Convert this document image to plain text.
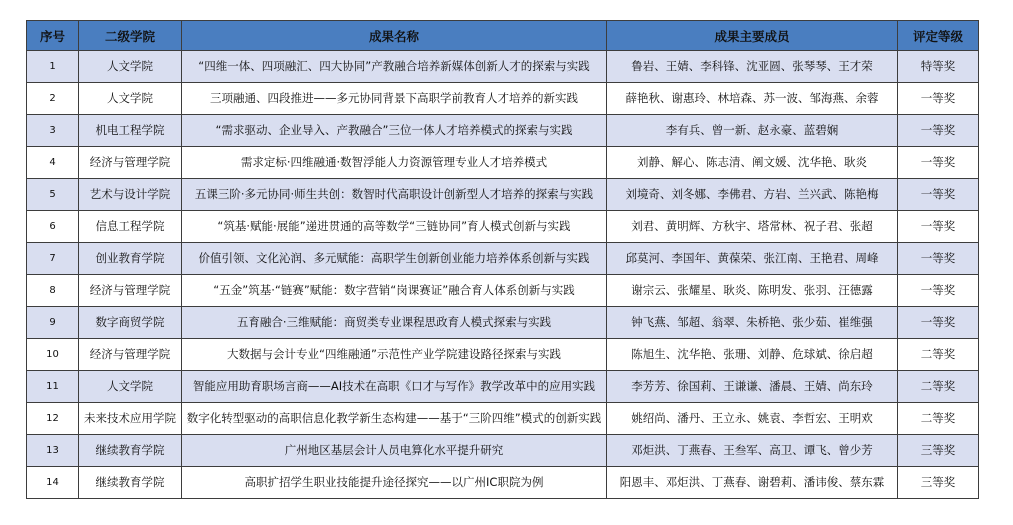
序号	二级学院	成果名称	成果主要成员	评定等级
1	人文学院	“四维一体、四项融汇、四大协同”产教融合培养新媒体创新人才的探索与实践	鲁岩、王婧、李科锋、沈亚圆、张琴琴、王才荣	特等奖
2	人文学院	三项融通、四段推进——多元协同背景下高职学前教育人才培养的新实践	薛艳秋、谢惠玲、林培森、苏一波、邹海燕、余蓉	一等奖
3	机电工程学院	“需求驱动、企业导入、产教融合”三位一体人才培养模式的探索与实践	李有兵、曾一新、赵永豪、蓝碧娴	一等奖
4	经济与管理学院	需求定标·四维融通·数智浮能人力资源管理专业人才培养模式	刘静、解心、陈志清、阐文媛、沈华艳、耿炎	一等奖
5	艺术与设计学院	五课三阶·多元协同·师生共创：数智时代高职设计创新型人才培养的探索与实践	刘境奇、刘冬娜、李佛君、方岩、兰兴武、陈艳梅	一等奖
6	信息工程学院	“筑基·赋能·展能”递进贯通的高等数学“三链协同”育人模式创新与实践	刘君、黄明辉、方秋宇、塔常林、祝子君、张超	一等奖
7	创业教育学院	价值引领、文化沁润、多元赋能：高职学生创新创业能力培养体系创新与实践	邱莫河、李国年、黄葆荣、张江南、王艳君、周峰	一等奖
8	经济与管理学院	“五金”筑基·“链赛”赋能：数字营销“岗课赛证”融合育人体系创新与实践	谢宗云、张耀星、耿炎、陈明发、张羽、汪德露	一等奖
9	数字商贸学院	五育融合·三维赋能：商贸类专业课程思政育人模式探索与实践	钟飞燕、邹超、翁翠、朱桥艳、张少茹、崔维强	一等奖
10	经济与管理学院	大数据与会计专业“四维融通”示范性产业学院建设路径探索与实践	陈旭生、沈华艳、张珊、刘静、危球斌、徐启超	二等奖
11	人文学院	智能应用助育职场言商——AI技术在高职《口才与写作》教学改革中的应用实践	李芳芳、徐国莉、王谦谦、潘晨、王婧、尚东玲	二等奖
12	未来技术应用学院	数字化转型驱动的高职信息化教学新生态构建——基于“三阶四维”模式的创新实践	姚绍尚、潘丹、王立永、姚袁、李哲宏、王明欢	二等奖
13	继续教育学院	广州地区基层会计人员电算化水平提升研究	邓炬洪、丁燕春、王叁军、高卫、谭飞、曾少芳	三等奖
14	继续教育学院	高职扩招学生职业技能提升途径探究——以广州IC职院为例	阳恩丰、邓炬洪、丁燕春、谢碧莉、潘讳俊、蔡东霖	三等奖
